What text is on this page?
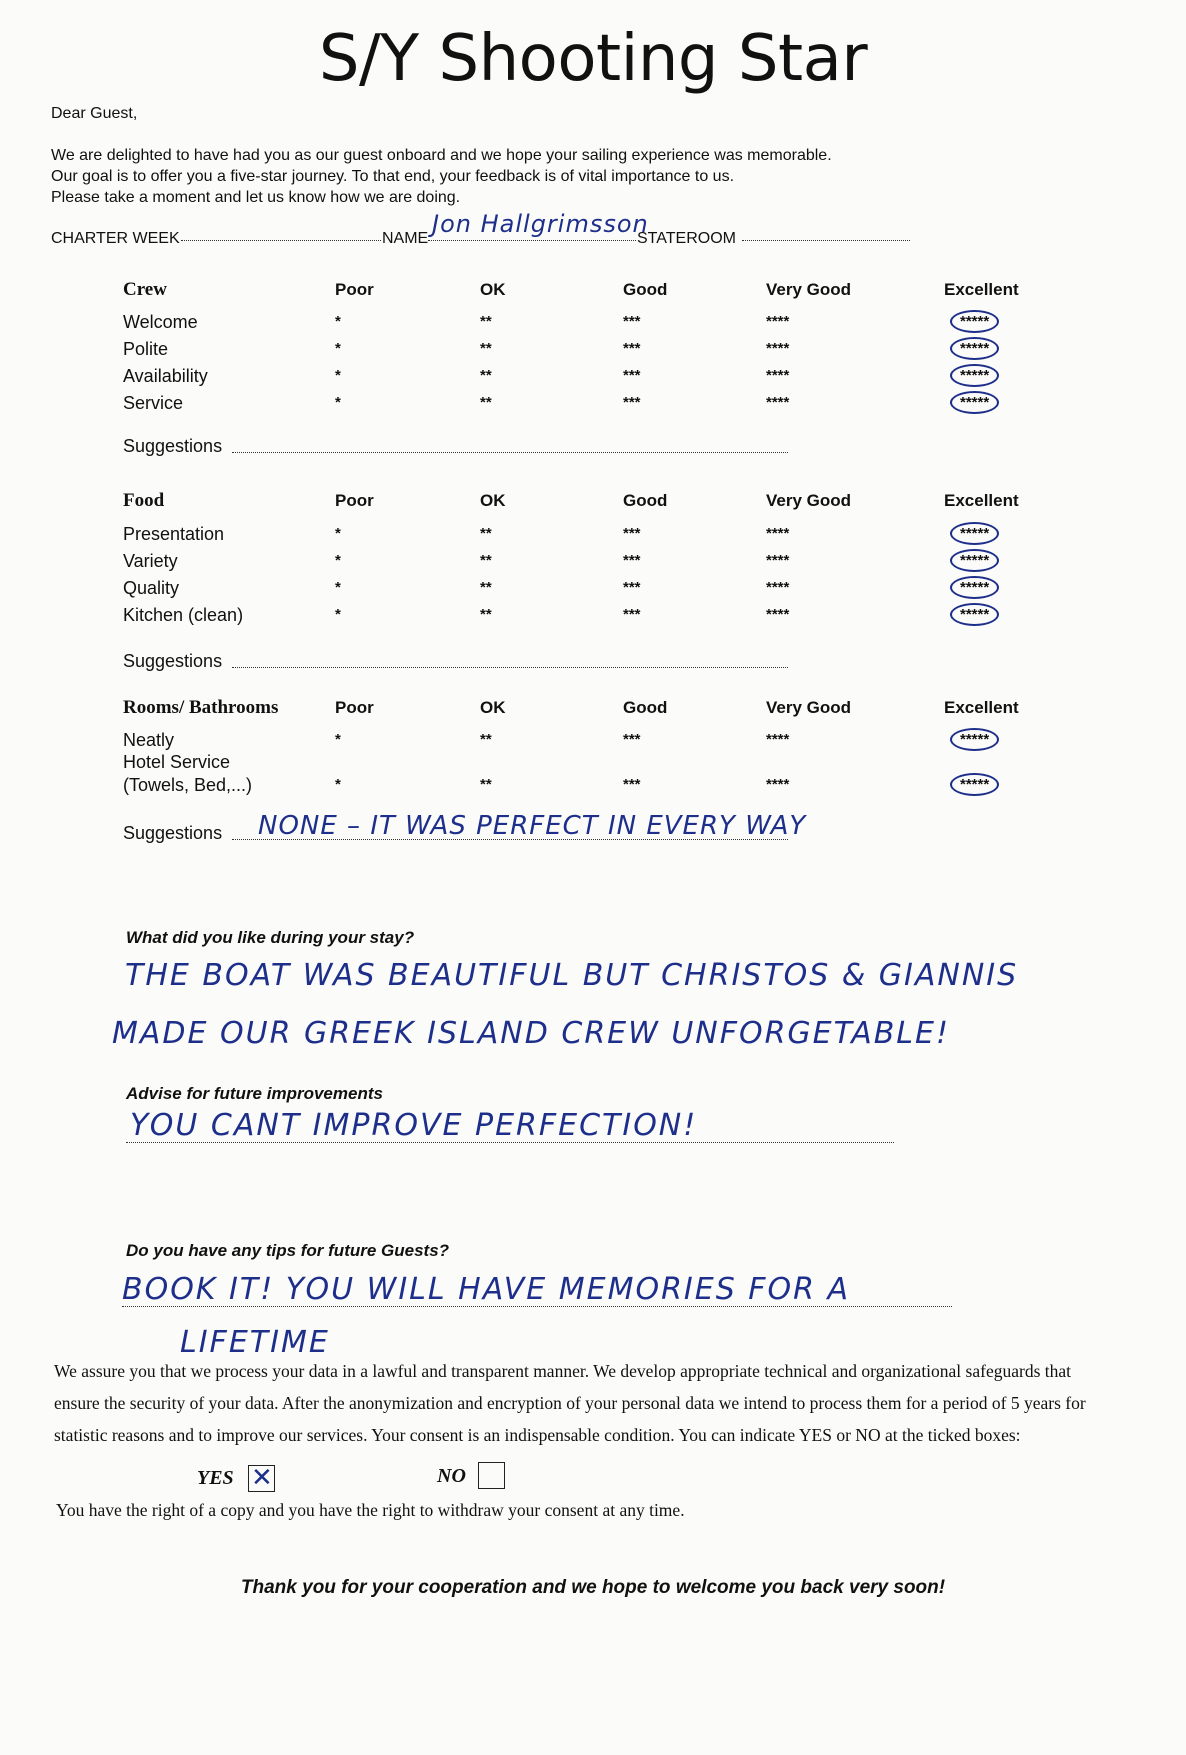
S/Y Shooting Star
Dear Guest,
We are delighted to have had you as our guest onboard and we hope your sailing experience was memorable.
Our goal is to offer you a five-star journey. To that end, your feedback is of vital importance to us.
Please take a moment and let us know how we are doing.
CHARTER WEEK	NAME
Jon Hallgrimsson
STATEROOM
Crew	Poor	OK	Good	Very Good	Excellent
Welcome	*	**	***	****	*****
Polite	*	**	***	****	*****
Availability	*	**	***	****	*****
Service	*	**	***	****	*****
Suggestions
Food	Poor	OK	Good	Very Good	Excellent
Presentation	*	**	***	****	*****
Variety	*	**	***	****	*****
Quality	*	**	***	****	*****
Kitchen (clean)	*	**	***	****	*****
Suggestions
Rooms/ Bathrooms	Poor	OK	Good	Very Good	Excellent
Neatly	*	**	***	****	*****
Hotel Service
(Towels, Bed,...)	*	**	***	****	*****
Suggestions NONE – IT WAS PERFECT IN EVERY WAY
What did you like during your stay?
THE BOAT WAS BEAUTIFUL BUT CHRISTOS & GIANNIS
MADE OUR GREEK ISLAND CREW UNFORGETABLE!
Advise for future improvements
YOU CANT IMPROVE PERFECTION!
Do you have any tips for future Guests?
BOOK IT! YOU WILL HAVE MEMORIES FOR A
LIFETIME
We assure you that we process your data in a lawful and transparent manner. We develop appropriate technical and organizational safeguards that
ensure the security of your data. After the anonymization and encryption of your personal data we intend to process them for a period of 5 years for
statistic reasons and to improve our services. Your consent is an indispensable condition. You can indicate YES or NO at the ticked boxes:
YES ✕	NO
You have the right of a copy and you have the right to withdraw your consent at any time.
Thank you for your cooperation and we hope to welcome you back very soon!
